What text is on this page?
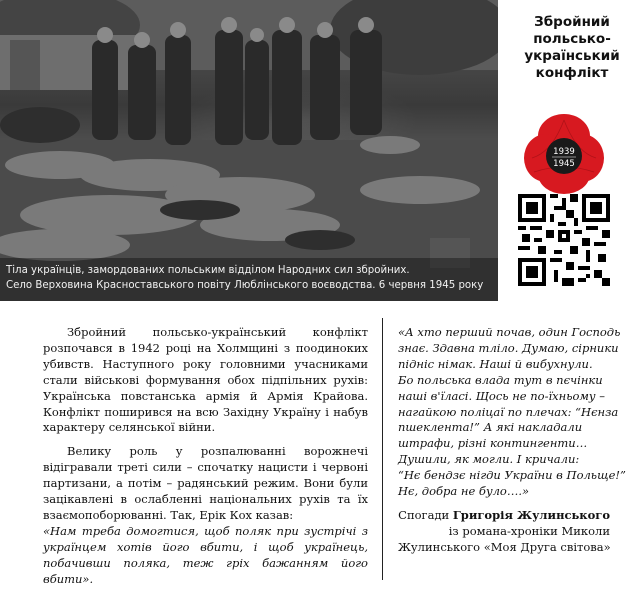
Тіла українців, замордованих польським відділом Народних сил збройних.
Село Верховина Красноставського повіту Люблінського воєводства. 6 червня 1945 року
Збройний
польсько-
український
конфлікт
1939
1945

Збройний польсько-український конфлікт розпочався в 1942 році на Холмщині з поодиноких убивств. Наступного року головними учасниками стали військові формування обох підпільних рухів: Українська повстанська армія й Армія Крайова. Конфлікт поширився на всю Західну Україну і набув характеру селянської війни.

Велику роль у розпалюванні ворожнечі відігравали треті сили – спочатку нацисти і червоні партизани, а потім – радянський режим. Вони були зацікавлені в ослабленні національних рухів та їх взаємопоборюванні. Так, Ерік Кох казав:

«Нам треба домогтися, щоб поляк при зустрічі з українцем хотів його вбити, і щоб українець, побачивши поляка, теж гріх бажанням його вбити».

«А хто перший почав, один Господь
знає. Здавна тліло. Думаю, сірники
підніс німак. Наші й вибухнули.
Бо польська влада тут в пєчінки
наші в'їласі. Щось не по-їхньому –
нагайкою поліцаї по плечах: “Нєнза
пшеклента!” А які накладали
штрафи, різні контингенти…
Душили, як могли. І кричали:
“Нє бендзє нігди України в Польще!”
Нє, добра не було….»
Спогади Григорія Жулинського
із романа-хроніки Миколи
Жулинського «Моя Друга світова»
